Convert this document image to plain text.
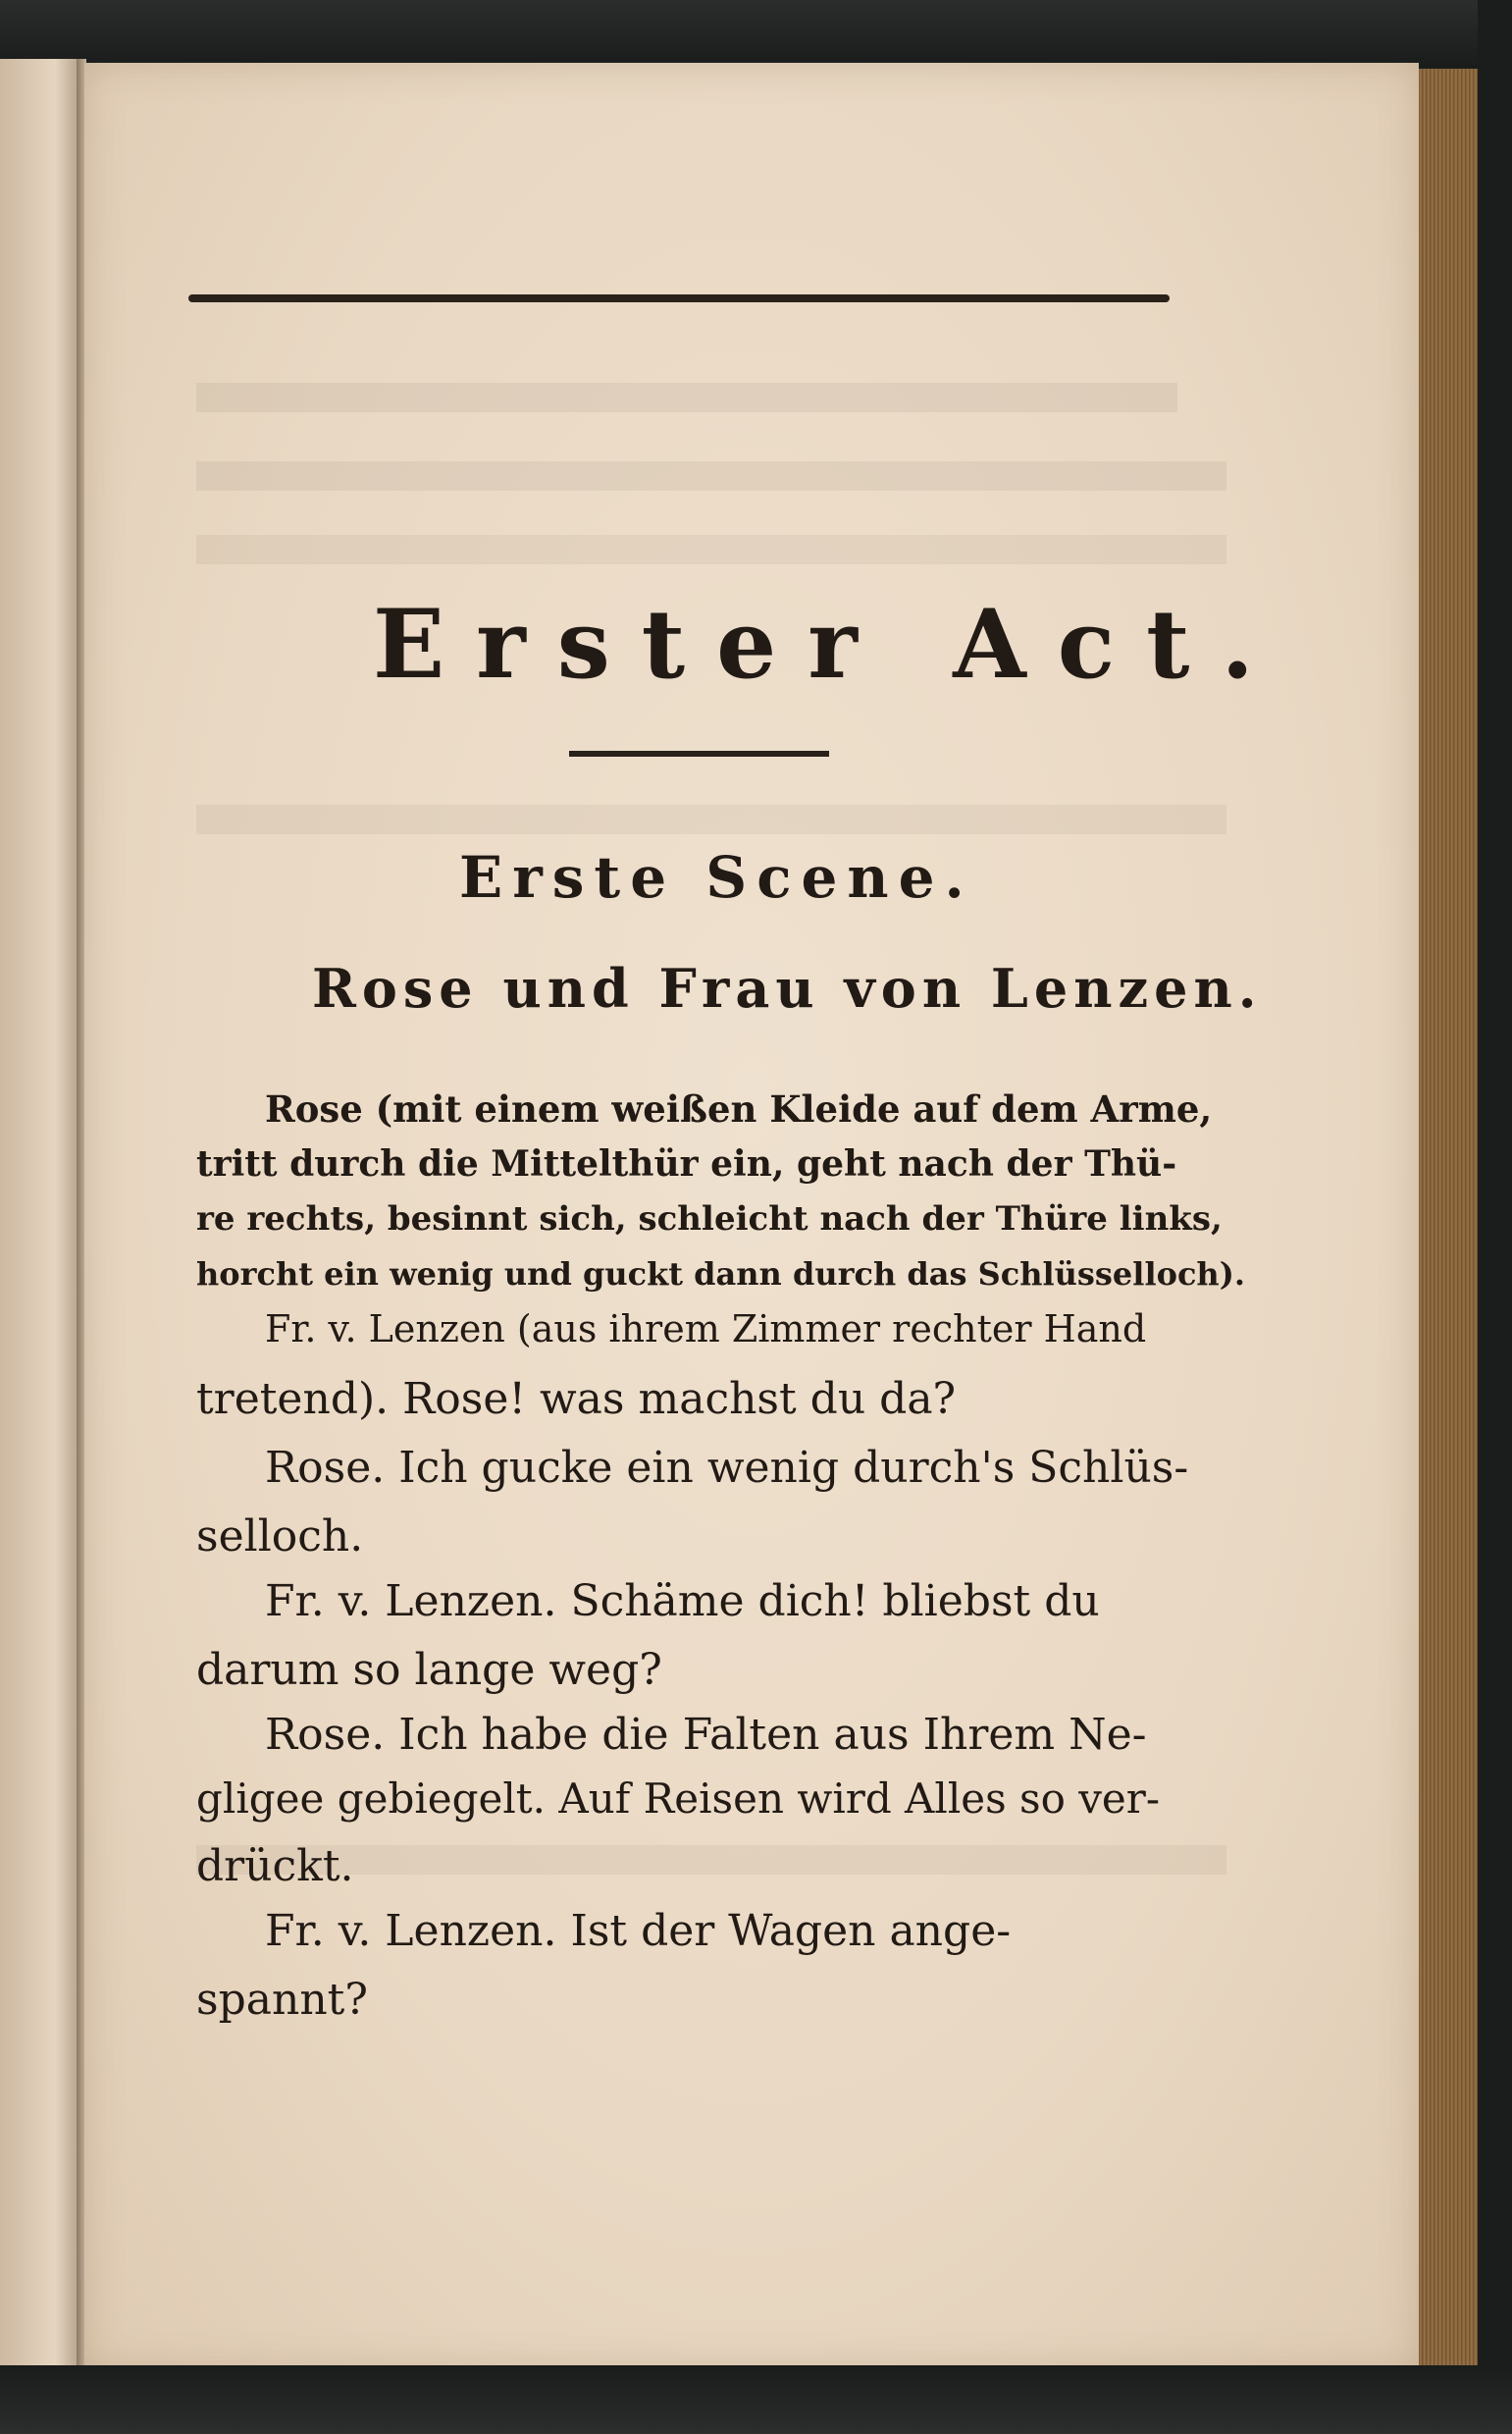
Erster Act.
Erste Scene.
Rose und Frau von Lenzen.
Rose (mit einem weißen Kleide auf dem Arme,
tritt durch die Mittelthür ein, geht nach der Thü-
re rechts, besinnt sich, schleicht nach der Thüre links,
horcht ein wenig und guckt dann durch das Schlüsselloch).
Fr. v. Lenzen (aus ihrem Zimmer rechter Hand
tretend). Rose! was machst du da?
Rose. Ich gucke ein wenig durch's Schlüs-
selloch.
Fr. v. Lenzen. Schäme dich! bliebst du
darum so lange weg?
Rose. Ich habe die Falten aus Ihrem Ne-
gligee gebiegelt. Auf Reisen wird Alles so ver-
drückt.
Fr. v. Lenzen. Ist der Wagen ange-
spannt?
